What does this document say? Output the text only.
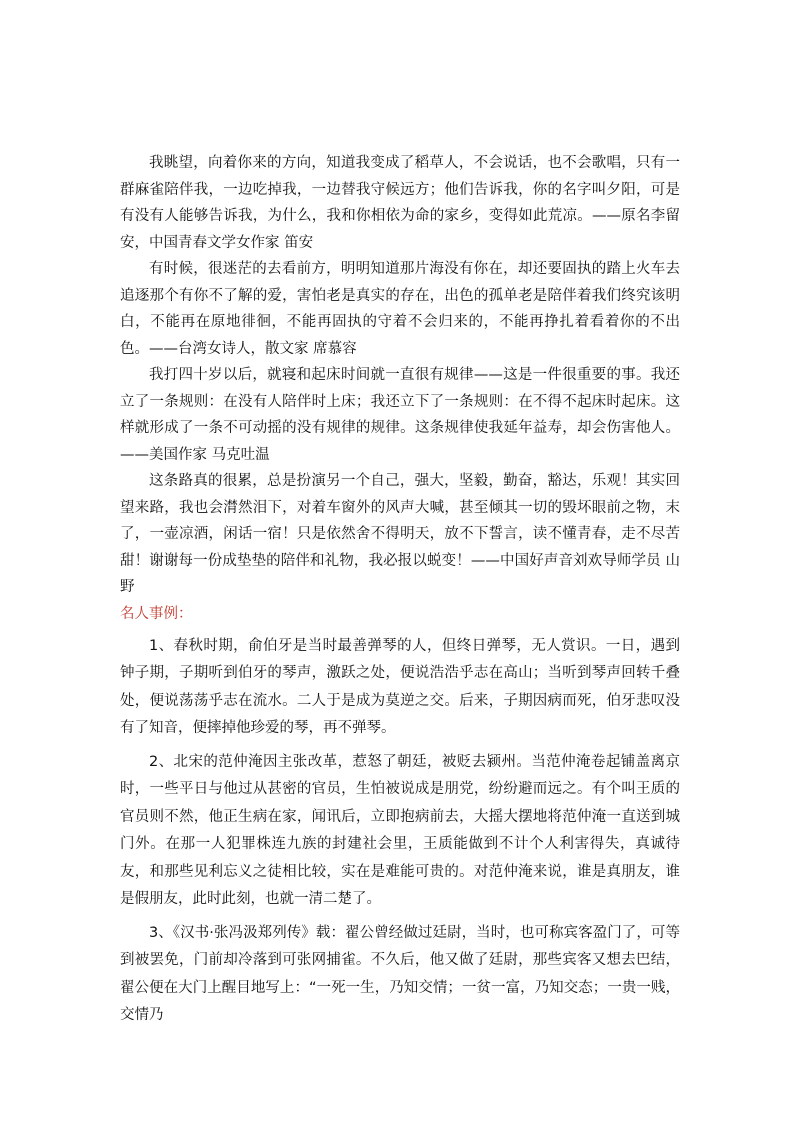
我眺望，向着你来的方向，知道我变成了稻草人，不会说话，也不会歌唱，只有一群麻雀陪伴我，一边吃掉我，一边替我守候远方；他们告诉我，你的名字叫夕阳，可是有没有人能够告诉我，为什么，我和你相依为命的家乡，变得如此荒凉。——原名李留安，中国青春文学女作家 笛安

有时候，很迷茫的去看前方，明明知道那片海没有你在，却还要固执的踏上火车去追逐那个有你不了解的爱，害怕老是真实的存在，出色的孤单老是陪伴着我们终究该明白，不能再在原地徘徊，不能再固执的守着不会归来的，不能再挣扎着看着你的不出色。——台湾女诗人，散文家 席慕容

我打四十岁以后，就寝和起床时间就一直很有规律——这是一件很重要的事。我还立了一条规则：在没有人陪伴时上床；我还立下了一条规则：在不得不起床时起床。这样就形成了一条不可动摇的没有规律的规律。这条规律使我延年益寿，却会伤害他人。——美国作家 马克吐温

这条路真的很累，总是扮演另一个自己，强大，坚毅，勤奋，豁达，乐观！其实回望来路，我也会潸然泪下，对着车窗外的风声大喊，甚至倾其一切的毁坏眼前之物，末了，一壶凉酒，闲话一宿！只是依然舍不得明天，放不下誓言，读不懂青春，走不尽苦甜！谢谢每一份成垫垫的陪伴和礼物，我必报以蜕变！——中国好声音刘欢导师学员 山野

名人事例：

1、春秋时期，俞伯牙是当时最善弹琴的人，但终日弹琴，无人赏识。一日，遇到钟子期，子期听到伯牙的琴声，激跃之处，便说浩浩乎志在高山；当听到琴声回转千叠处，便说荡荡乎志在流水。二人于是成为莫逆之交。后来，子期因病而死，伯牙悲叹没有了知音，便摔掉他珍爱的琴，再不弹琴。

2、北宋的范仲淹因主张改革，惹怒了朝廷，被贬去颍州。当范仲淹卷起铺盖离京时，一些平日与他过从甚密的官员，生怕被说成是朋党，纷纷避而远之。有个叫王质的官员则不然，他正生病在家，闻讯后，立即抱病前去，大摇大摆地将范仲淹一直送到城门外。在那一人犯罪株连九族的封建社会里，王质能做到不计个人利害得失，真诚待友，和那些见利忘义之徒相比较，实在是难能可贵的。对范仲淹来说，谁是真朋友，谁是假朋友，此时此刻，也就一清二楚了。

3、《汉书·张冯汲郑列传》载：翟公曾经做过廷尉，当时，也可称宾客盈门了，可等到被罢免，门前却冷落到可张网捕雀。不久后，他又做了廷尉，那些宾客又想去巴结，翟公便在大门上醒目地写上：“一死一生，乃知交情；一贫一富，乃知交态；一贵一贱，交情乃
